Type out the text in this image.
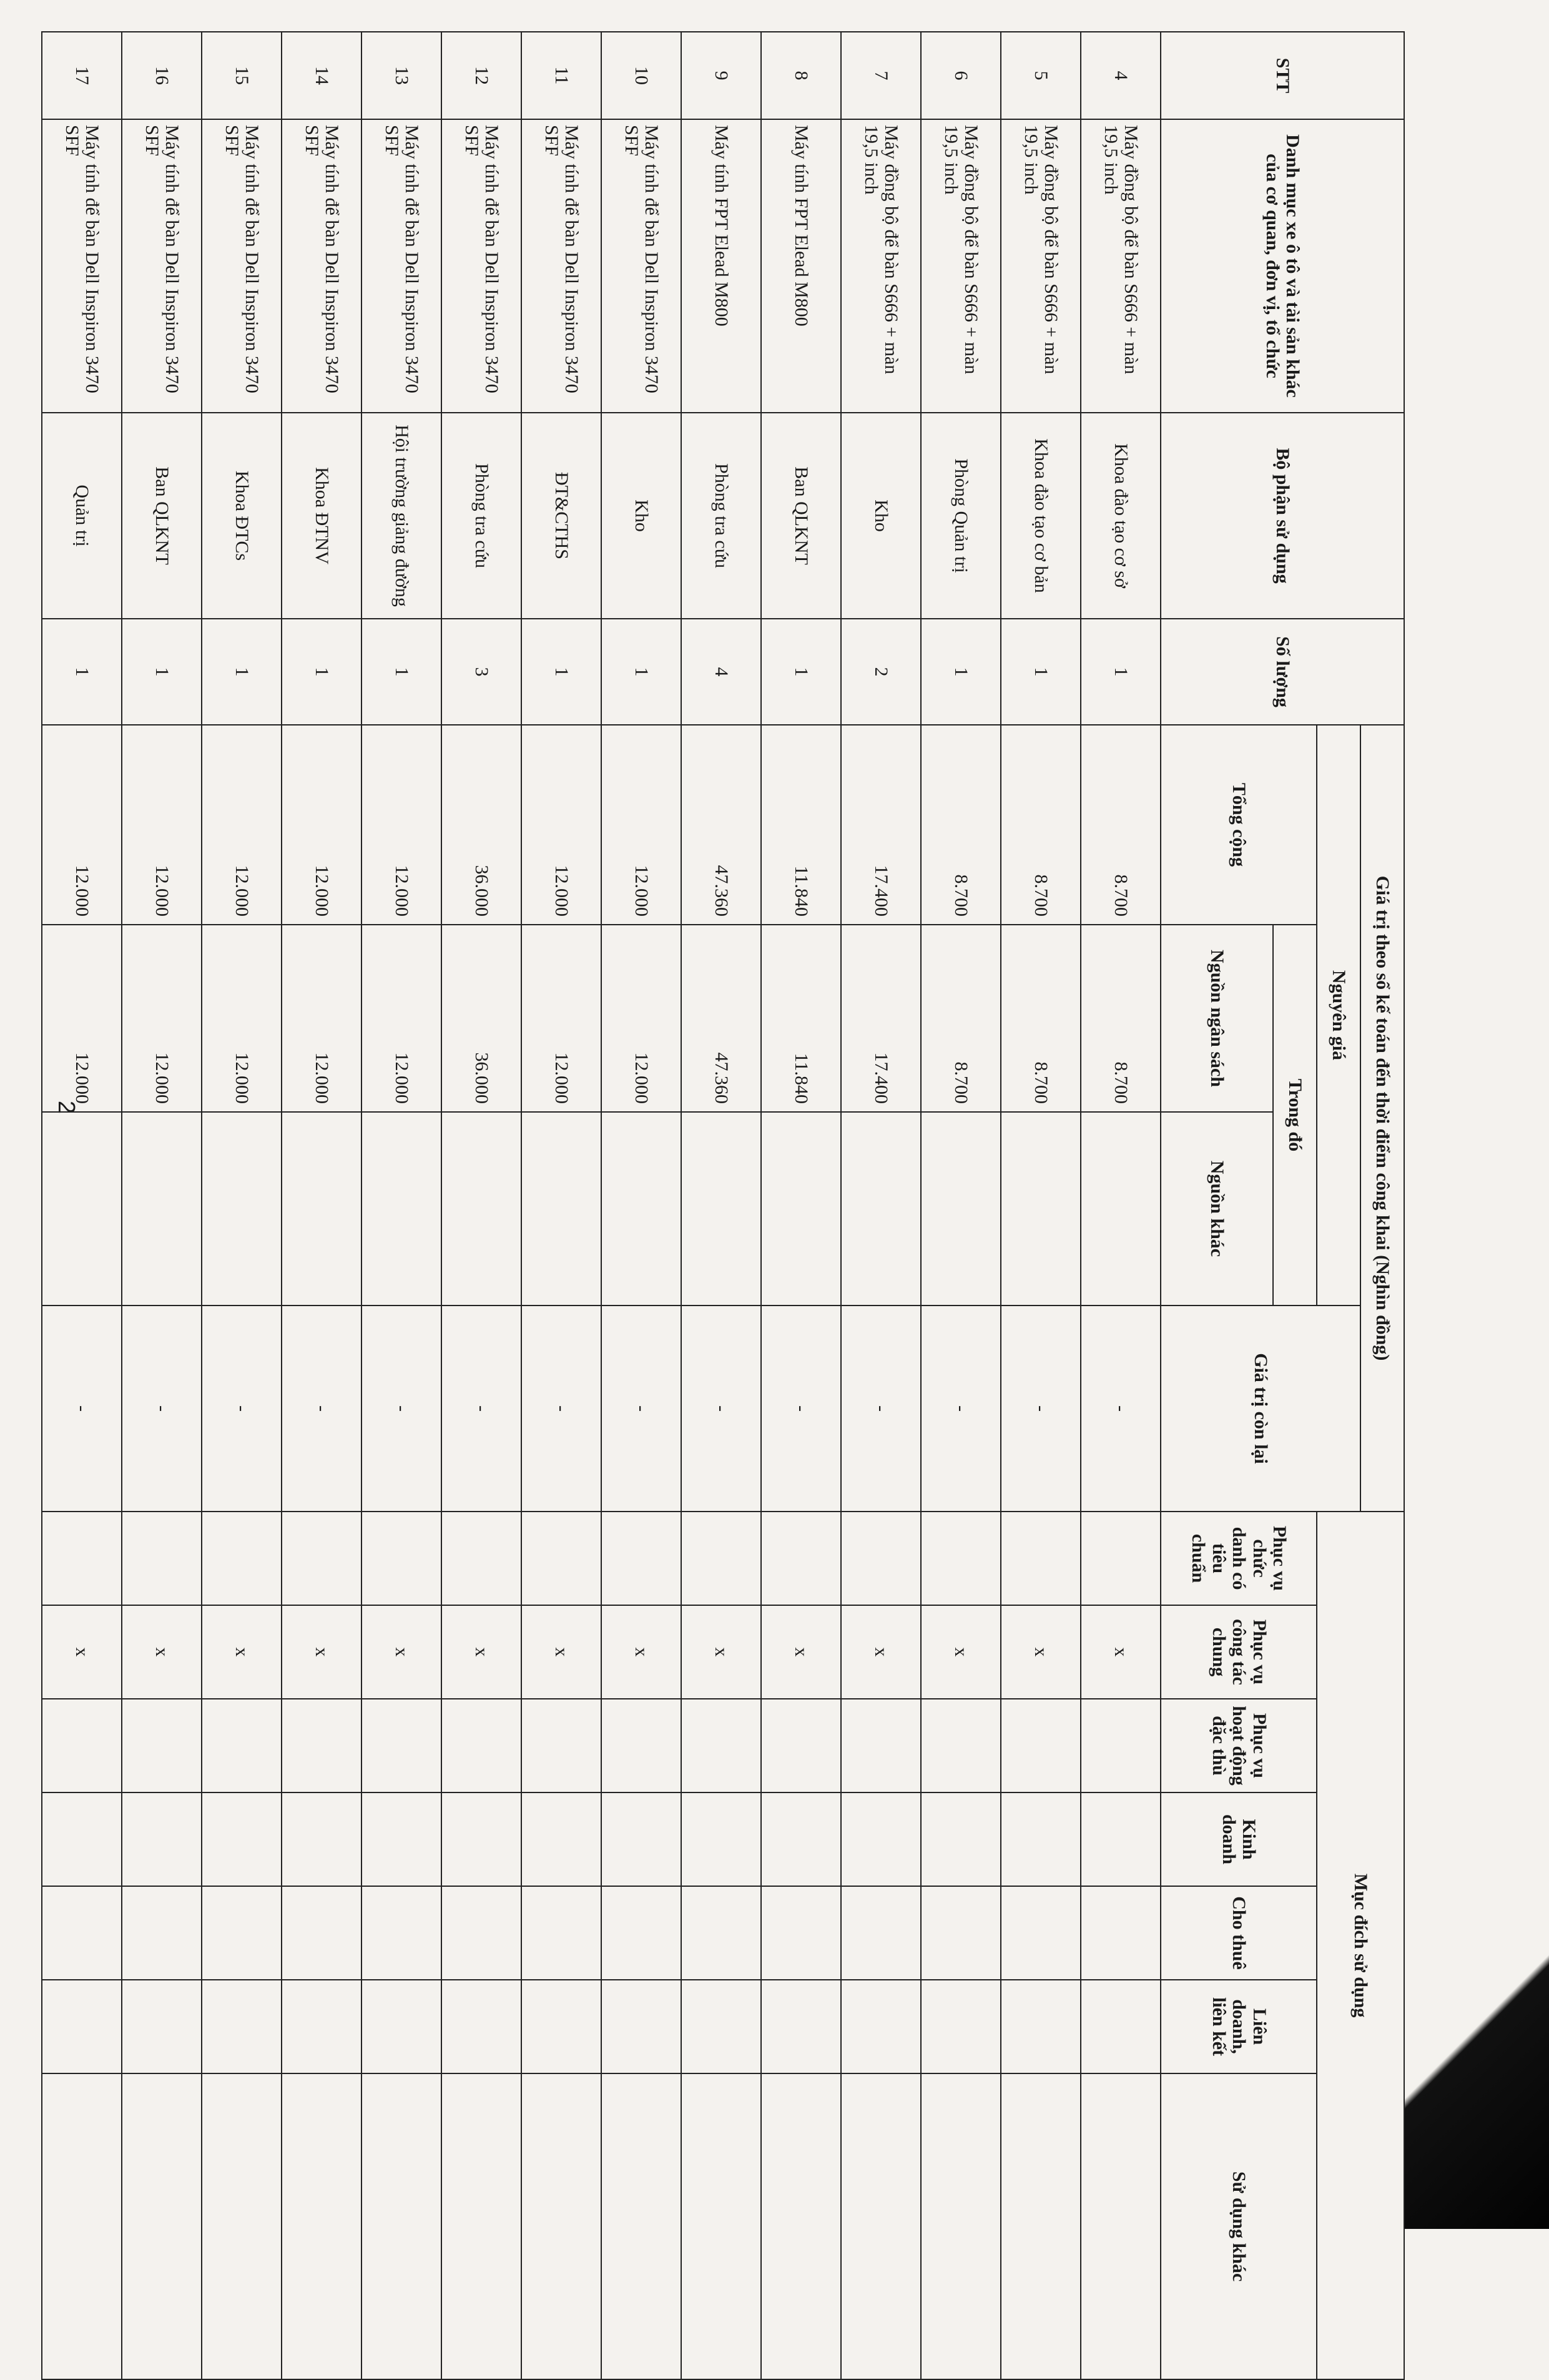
2
STT	Danh mục xe ô tô và tài sản khác của cơ quan, đơn vị, tổ chức	Bộ phận sử dụng	Số lượng	Giá trị theo sổ kế toán đến thời điểm công khai (Nghìn đồng)				Mục đích sử dụng						
				Nguyên giá			Giá trị còn lại							
				Tổng cộng	Trong đó			Phục vụ chức danh có tiêu chuẩn	Phục vụ công tác chung	Phục vụ hoạt động đặc thù	Kinh doanh	Cho thuê	Liên doanh, liên kết	Sử dụng khác
					Nguồn ngân sách	Nguồn khác								
4	Máy đồng bộ để bàn S666 + màn 19,5 inch	Khoa đào tạo cơ sở	1	8.700	8.700		-		x					
5	Máy đồng bộ để bàn S666 + màn 19,5 inch	Khoa đào tạo cơ bản	1	8.700	8.700		-		x					
6	Máy đồng bộ để bàn S666 + màn 19,5 inch	Phòng Quản trị	1	8.700	8.700		-		x					
7	Máy đồng bộ để bàn S666 + màn 19,5 inch	Kho	2	17.400	17.400		-		x					
8	Máy tính FPT Elead M800	Ban QLKNT	1	11.840	11.840		-		x					
9	Máy tính FPT Elead M800	Phòng tra cứu	4	47.360	47.360		-		x					
10	Máy tính để bàn Dell Inspiron 3470 SFF	Kho	1	12.000	12.000		-		x					
11	Máy tính để bàn Dell Inspiron 3470 SFF	ĐT&CTHS	1	12.000	12.000		-		x					
12	Máy tính để bàn Dell Inspiron 3470 SFF	Phòng tra cứu	3	36.000	36.000		-		x					
13	Máy tính để bàn Dell Inspiron 3470 SFF	Hội trường giảng đường	1	12.000	12.000		-		x					
14	Máy tính để bàn Dell Inspiron 3470 SFF	Khoa ĐTNV	1	12.000	12.000		-		x					
15	Máy tính để bàn Dell Inspiron 3470 SFF	Khoa ĐTCs	1	12.000	12.000		-		x					
16	Máy tính để bàn Dell Inspiron 3470 SFF	Ban QLKNT	1	12.000	12.000		-		x					
17	Máy tính để bàn Dell Inspiron 3470 SFF	Quản trị	1	12.000	12.000		-		x					
